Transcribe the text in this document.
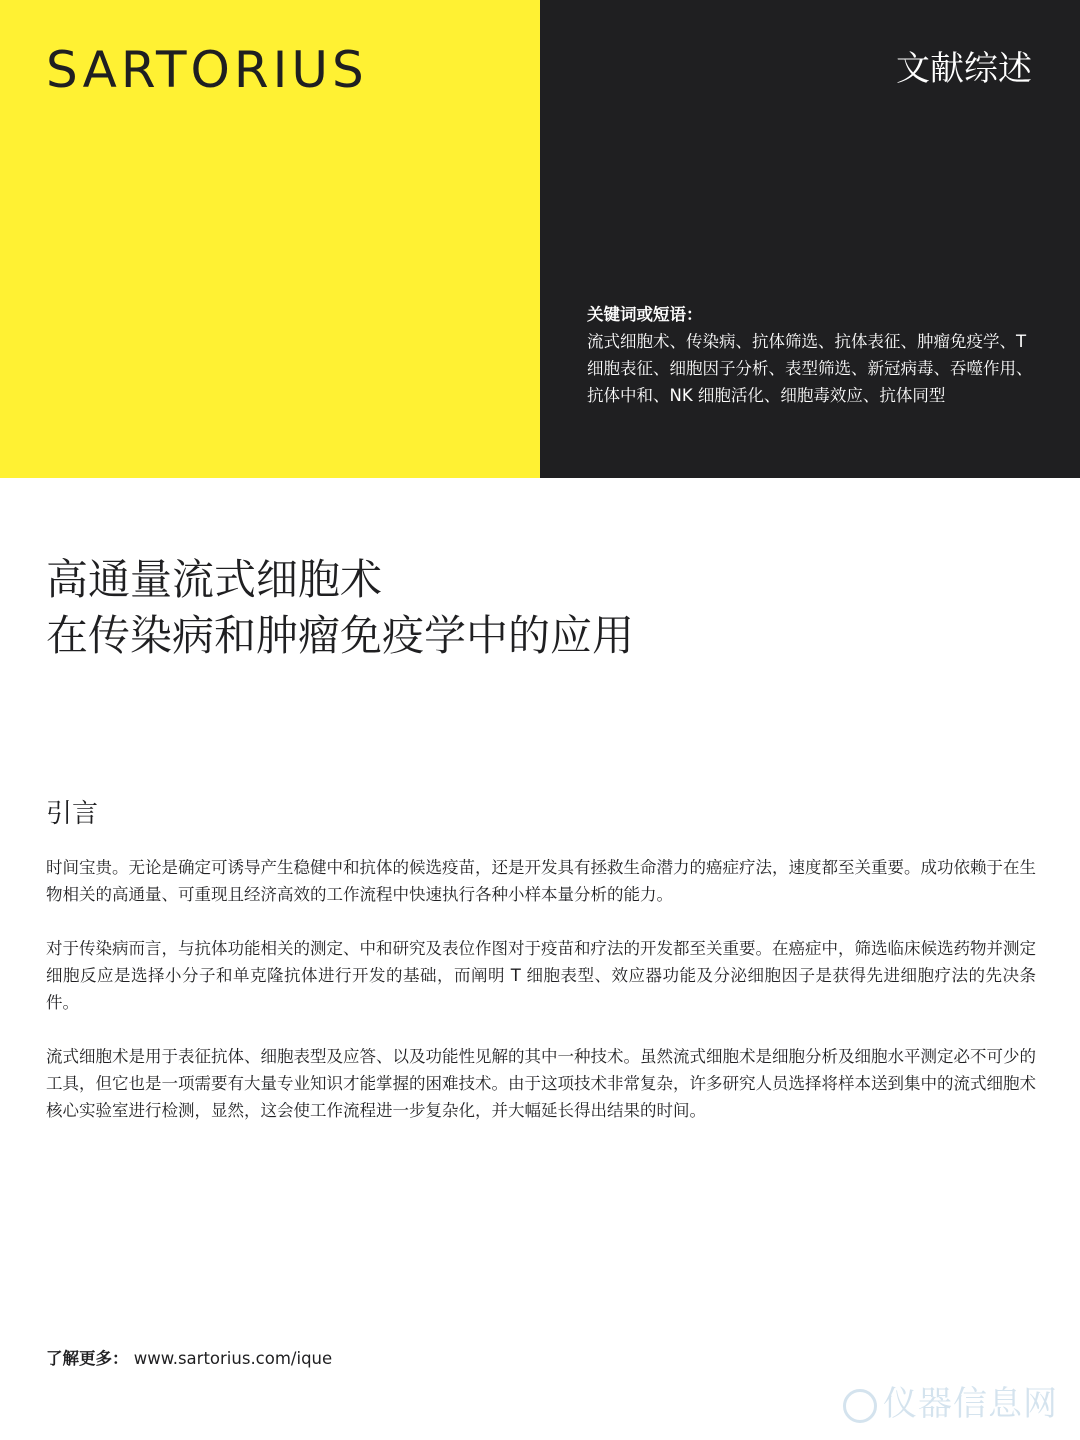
SARTORIUS	文献综述
关键词或短语：
流式细胞术、传染病、抗体筛选、抗体表征、肿瘤免疫学、T 细胞表征、细胞因子分析、表型筛选、新冠病毒、吞噬作用、抗体中和、NK 细胞活化、细胞毒效应、抗体同型
高通量流式细胞术
在传染病和肿瘤免疫学中的应用
引言

时间宝贵。无论是确定可诱导产生稳健中和抗体的候选疫苗，还是开发具有拯救生命潜力的癌症疗法，速度都至关重要。成功依赖于在生物相关的高通量、可重现且经济高效的工作流程中快速执行各种小样本量分析的能力。

对于传染病而言，与抗体功能相关的测定、中和研究及表位作图对于疫苗和疗法的开发都至关重要。在癌症中，筛选临床候选药物并测定细胞反应是选择小分子和单克隆抗体进行开发的基础，而阐明 T 细胞表型、效应器功能及分泌细胞因子是获得先进细胞疗法的先决条件。

流式细胞术是用于表征抗体、细胞表型及应答、以及功能性见解的其中一种技术。虽然流式细胞术是细胞分析及细胞水平测定必不可少的工具，但它也是一项需要有大量专业知识才能掌握的困难技术。由于这项技术非常复杂，许多研究人员选择将样本送到集中的流式细胞术核心实验室进行检测，显然，这会使工作流程进一步复杂化，并大幅延长得出结果的时间。

了解更多： www.sartorius.com/ique
仪器信息网
